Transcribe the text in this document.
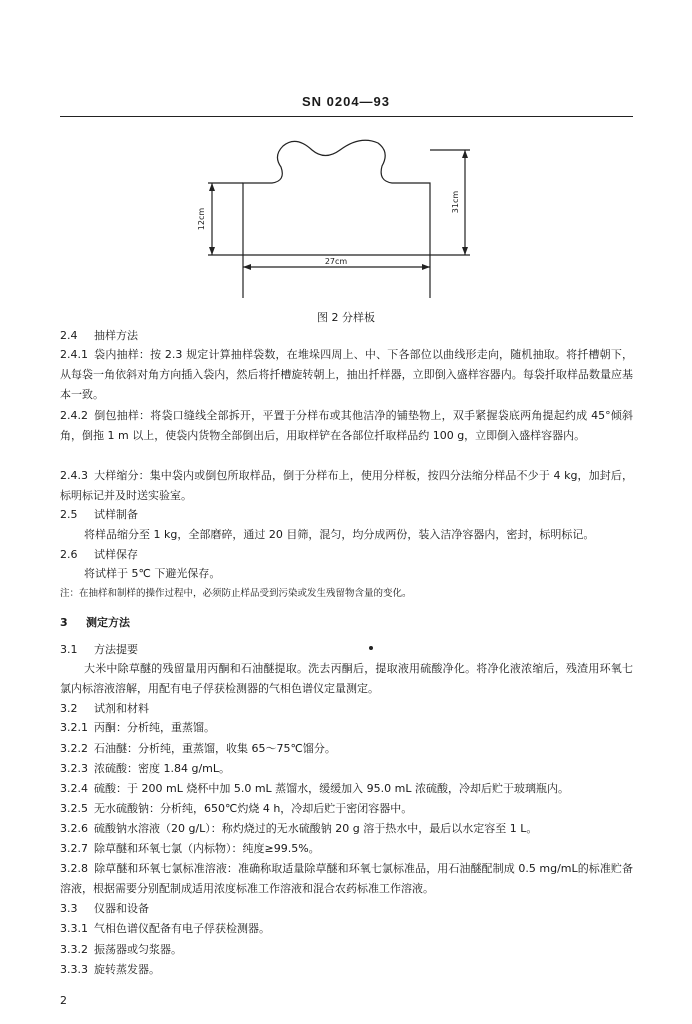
SN 0204—93
12cm
31cm
27cm
图 2 分样板
2.4 抽样方法
2.4.1 袋内抽样：按 2.3 规定计算抽样袋数，在堆垛四周上、中、下各部位以曲线形走向，随机抽取。将扦槽朝下，从每袋一角依斜对角方向插入袋内，然后将扦槽旋转朝上，抽出扦样器，立即倒入盛样容器内。每袋扦取样品数量应基本一致。
2.4.2 倒包抽样：将袋口缝线全部拆开，平置于分样布或其他洁净的铺垫物上，双手紧握袋底两角提起约成 45°倾斜角，倒拖 1 m 以上，使袋内货物全部倒出后，用取样铲在各部位扦取样品约 100 g，立即倒入盛样容器内。
2.4.3 大样缩分：集中袋内或倒包所取样品，倒于分样布上，使用分样板，按四分法缩分样品不少于 4 kg，加封后，标明标记并及时送实验室。
2.5 试样制备
将样品缩分至 1 kg，全部磨碎，通过 20 目筛，混匀，均分成两份，装入洁净容器内，密封，标明标记。
2.6 试样保存
将试样于 5℃ 下避光保存。
注：在抽样和制样的操作过程中，必须防止样品受到污染或发生残留物含量的变化。
3 测定方法
3.1 方法提要
大米中除草醚的残留量用丙酮和石油醚提取。洗去丙酮后，提取液用硫酸净化。将净化液浓缩后，残渣用环氧七氯内标溶液溶解，用配有电子俘获检测器的气相色谱仪定量测定。
3.2 试剂和材料
3.2.1 丙酮：分析纯，重蒸馏。
3.2.2 石油醚：分析纯，重蒸馏，收集 65～75℃馏分。
3.2.3 浓硫酸：密度 1.84 g/mL。
3.2.4 硫酸：于 200 mL 烧杯中加 5.0 mL 蒸馏水，缓缓加入 95.0 mL 浓硫酸，冷却后贮于玻璃瓶内。
3.2.5 无水硫酸钠：分析纯，650℃灼烧 4 h，冷却后贮于密闭容器中。
3.2.6 硫酸钠水溶液（20 g/L）：称灼烧过的无水硫酸钠 20 g 溶于热水中，最后以水定容至 1 L。
3.2.7 除草醚和环氧七氯（内标物）：纯度≥99.5%。
3.2.8 除草醚和环氧七氯标准溶液：准确称取适量除草醚和环氧七氯标准品，用石油醚配制成 0.5 mg/mL的标准贮备溶液，根据需要分别配制成适用浓度标准工作溶液和混合农药标准工作溶液。
3.3 仪器和设备
3.3.1 气相色谱仪配备有电子俘获检测器。
3.3.2 振荡器或匀浆器。
3.3.3 旋转蒸发器。
2
